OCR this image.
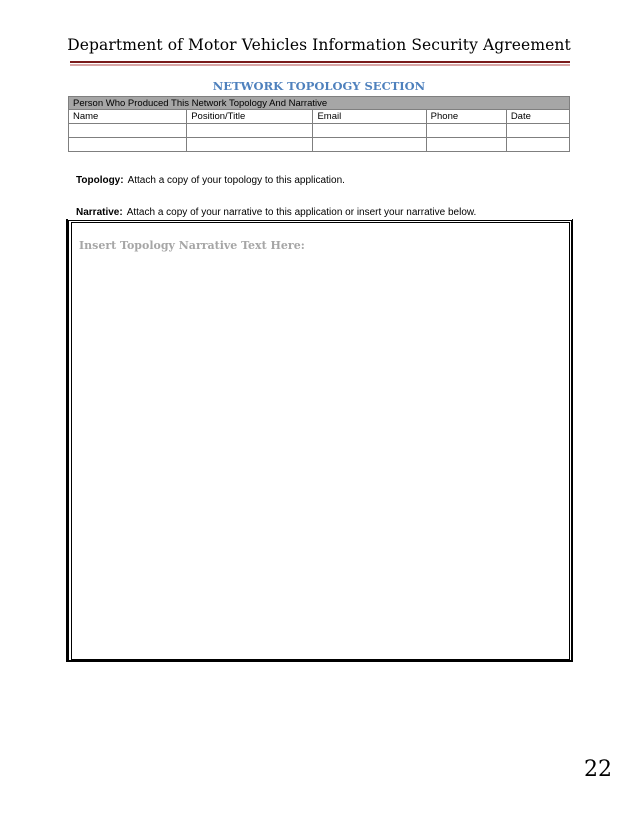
Department of Motor Vehicles Information Security Agreement
NETWORK TOPOLOGY SECTION
Person Who Produced This Network Topology And Narrative				
Name	Position/Title	Email	Phone	Date

Topology: Attach a copy of your topology to this application.
Narrative: Attach a copy of your narrative to this application or insert your narrative below.
Insert Topology Narrative Text Here:
22
